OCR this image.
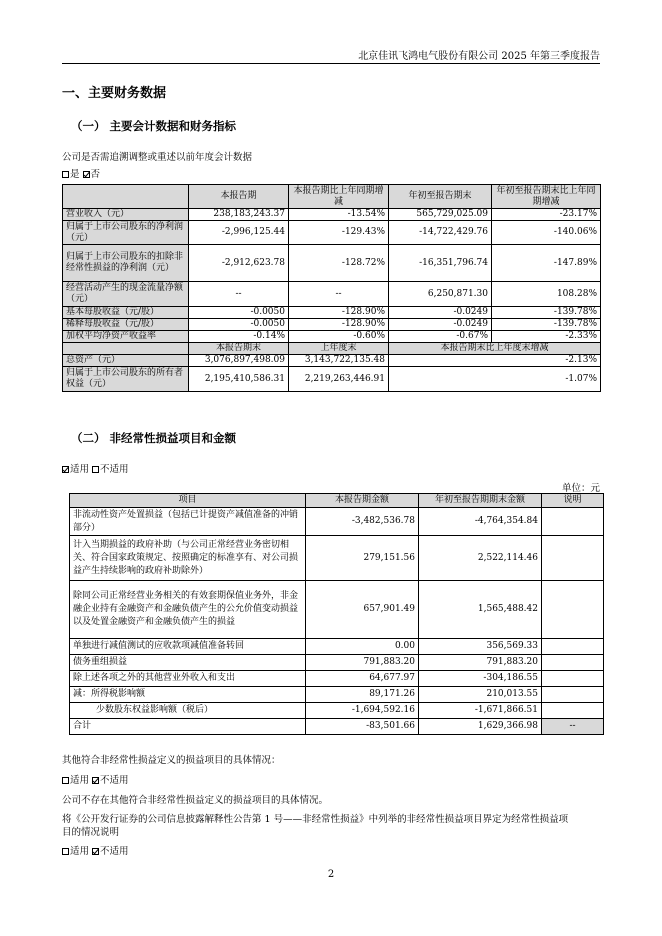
北京佳讯飞鸿电气股份有限公司 2025 年第三季度报告
一、主要财务数据
（一） 主要会计数据和财务指标
公司是否需追溯调整或重述以前年度会计数据
是 否
	本报告期	本报告期比上年同期增减	年初至报告期末	年初至报告期末比上年同期增减
营业收入（元）	238,183,243.37	-13.54%	565,729,025.09	-23.17%
归属于上市公司股东的净利润（元）	-2,996,125.44	-129.43%	-14,722,429.76	-140.06%
归属于上市公司股东的扣除非经常性损益的净利润（元）	-2,912,623.78	-128.72%	-16,351,796.74	-147.89%
经营活动产生的现金流量净额（元）	--	--	6,250,871.30	108.28%
基本每股收益（元/股）	-0.0050	-128.90%	-0.0249	-139.78%
稀释每股收益（元/股）	-0.0050	-128.90%	-0.0249	-139.78%
加权平均净资产收益率	-0.14%	-0.60%	-0.67%	-2.33%
	本报告期末	上年度末	本报告期末比上年度末增减	
总资产（元）	3,076,897,498.09	3,143,722,135.48	-2.13%	
归属于上市公司股东的所有者权益（元）	2,195,410,586.31	2,219,263,446.91	-1.07%	
（二） 非经常性损益项目和金额
适用 不适用
单位：元
项目	本报告期金额	年初至报告期期末金额	说明
非流动性资产处置损益（包括已计提资产减值准备的冲销部分）	-3,482,536.78	-4,764,354.84	
计入当期损益的政府补助（与公司正常经营业务密切相关、符合国家政策规定、按照确定的标准享有、对公司损益产生持续影响的政府补助除外）	279,151.56	2,522,114.46	
除同公司正常经营业务相关的有效套期保值业务外，非金融企业持有金融资产和金融负债产生的公允价值变动损益以及处置金融资产和金融负债产生的损益	657,901.49	1,565,488.42	
单独进行减值测试的应收款项减值准备转回	0.00	356,569.33	
债务重组损益	791,883.20	791,883.20	
除上述各项之外的其他营业外收入和支出	64,677.97	-304,186.55	
减：所得税影响额	89,171.26	210,013.55	
少数股东权益影响额（税后）	-1,694,592.16	-1,671,866.51	
合计	-83,501.66	1,629,366.98	--
其他符合非经常性损益定义的损益项目的具体情况：
适用 不适用
公司不存在其他符合非经常性损益定义的损益项目的具体情况。
将《公开发行证券的公司信息披露解释性公告第 1 号——非经常性损益》中列举的非经常性损益项目界定为经常性损益项
目的情况说明
适用 不适用
2
